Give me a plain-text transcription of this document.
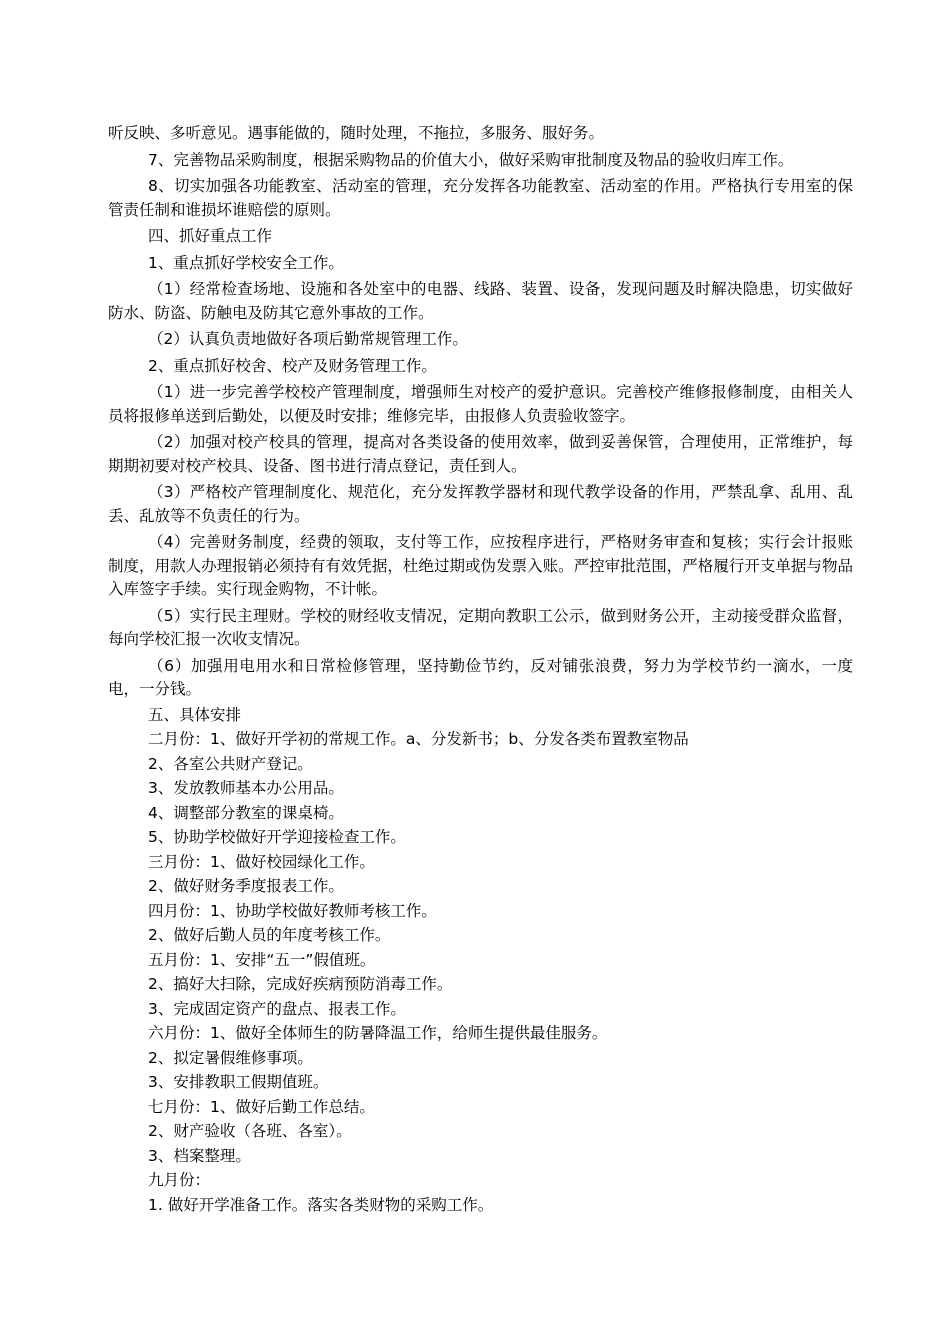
听反映、多听意见。遇事能做的，随时处理，不拖拉，多服务、服好务。

7、完善物品采购制度，根据采购物品的价值大小，做好采购审批制度及物品的验收归库工作。

8、切实加强各功能教室、活动室的管理，充分发挥各功能教室、活动室的作用。严格执行专用室的保管责任制和谁损坏谁赔偿的原则。

四、抓好重点工作

1、重点抓好学校安全工作。

（1）经常检查场地、设施和各处室中的电器、线路、装置、设备，发现问题及时解决隐患，切实做好防水、防盗、防触电及防其它意外事故的工作。

（2）认真负责地做好各项后勤常规管理工作。

2、重点抓好校舍、校产及财务管理工作。

（1）进一步完善学校校产管理制度，增强师生对校产的爱护意识。完善校产维修报修制度，由相关人员将报修单送到后勤处，以便及时安排；维修完毕，由报修人负责验收签字。

（2）加强对校产校具的管理，提高对各类设备的使用效率，做到妥善保管，合理使用，正常维护，每期期初要对校产校具、设备、图书进行清点登记，责任到人。

（3）严格校产管理制度化、规范化，充分发挥教学器材和现代教学设备的作用，严禁乱拿、乱用、乱丢、乱放等不负责任的行为。

（4）完善财务制度，经费的领取，支付等工作，应按程序进行，严格财务审查和复核；实行会计报账制度，用款人办理报销必须持有有效凭据，杜绝过期或伪发票入账。严控审批范围，严格履行开支单据与物品入库签字手续。实行现金购物，不计帐。

（5）实行民主理财。学校的财经收支情况，定期向教职工公示，做到财务公开，主动接受群众监督，每向学校汇报一次收支情况。

（6）加强用电用水和日常检修管理，坚持勤俭节约，反对铺张浪费，努力为学校节约一滴水，一度电，一分钱。

五、具体安排

二月份：1、做好开学初的常规工作。a、分发新书；b、分发各类布置教室物品

2、各室公共财产登记。

3、发放教师基本办公用品。

4、调整部分教室的课桌椅。

5、协助学校做好开学迎接检查工作。

三月份：1、做好校园绿化工作。

2、做好财务季度报表工作。

四月份：1、协助学校做好教师考核工作。

2、做好后勤人员的年度考核工作。

五月份：1、安排“五一”假值班。

2、搞好大扫除，完成好疾病预防消毒工作。

3、完成固定资产的盘点、报表工作。

六月份：1、做好全体师生的防暑降温工作，给师生提供最佳服务。

2、拟定暑假维修事项。

3、安排教职工假期值班。

七月份：1、做好后勤工作总结。

2、财产验收（各班、各室）。

3、档案整理。

九月份：

1. 做好开学准备工作。落实各类财物的采购工作。
